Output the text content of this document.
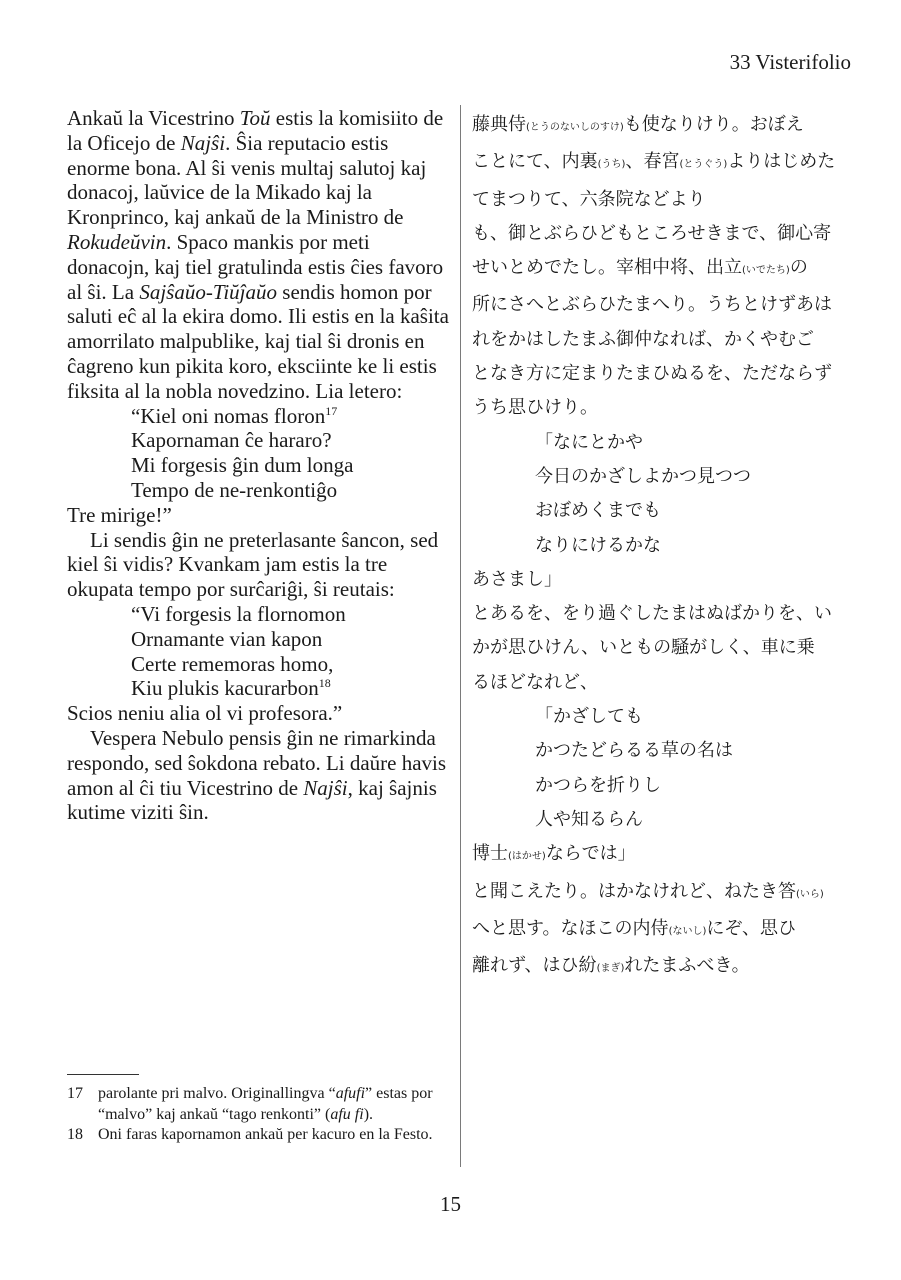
33 Visterifolio

Ankaŭ la Vicestrino Toŭ estis la komisiito de la Oficejo de Najŝi. Ŝia reputacio estis enorme bona. Al ŝi venis multaj salutoj kaj donacoj, laŭvice de la Mikado kaj la Kronprinco, kaj ankaŭ de la Ministro de Rokudeŭvin. Spaco mankis por meti donacojn, kaj tiel gratulinda estis ĉies favoro al ŝi. La Sajŝaŭo-Tiŭĵaŭo sendis homon por saluti eĉ al la ekira domo. Ili estis en la kaŝita amorrilato malpublike, kaj tial ŝi dronis en ĉagreno kun pikita koro, eksciinte ke li estis fiksita al la nobla novedzino. Lia letero:

“Kiel oni nomas floron$^{17}$
Kapornaman ĉe hararo?
Mi forgesis ĝin dum longa
Tempo de ne-renkontiĝo

Tre mirige!”

Li sendis ĝin ne preterlasante ŝancon, sed kiel ŝi vidis? Kvankam jam estis la tre okupata tempo por surĉariĝi, ŝi reutais:

“Vi forgesis la flornomon
Ornamante vian kapon
Certe rememoras homo,
Kiu plukis kacurarbon$^{18}$

Scios neniu alia ol vi profesora.”

Vespera Nebulo pensis ĝin ne rimarkinda respondo, sed ŝokdona rebato. Li daŭre havis amon al ĉi tiu Vicestrino de Najŝi, kaj ŝajnis kutime viziti ŝin.

藤典侍(とうのないしのすけ)も使なりけり。おぼえ

ことにて、内裏(うち)、春宮(とうぐう)よりはじめた

てまつりて、六条院などより

も、御とぶらひどもところせきまで、御心寄

せいとめでたし。宰相中将、出立(いでたち)の

所にさへとぶらひたまへり。うちとけずあは

れをかはしたまふ御仲なれば、かくやむご

となき方に定まりたまひぬるを、ただならず

うち思ひけり。

「なにとかや
今日のかざしよかつ見つつ
おぼめくまでも
なりにけるかな

あさまし」

とあるを、をり過ぐしたまはぬばかりを、い

かが思ひけん、いともの騒がしく、車に乗

るほどなれど、

「かざしても
かつたどらるる草の名は
かつらを折りし
人や知るらん

博士(はかせ)ならでは」

と聞こえたり。はかなけれど、ねたき答(いら)

へと思す。なほこの内侍(ないし)にぞ、思ひ

離れず、はひ紛(まぎ)れたまふべき。

17 parolante pri malvo. Originallingva “afufi” estas por “malvo” kaj ankaŭ “tago renkonti” (afu fi).
18 Oni faras kapornamon ankaŭ per kacuro en la Festo.
15
